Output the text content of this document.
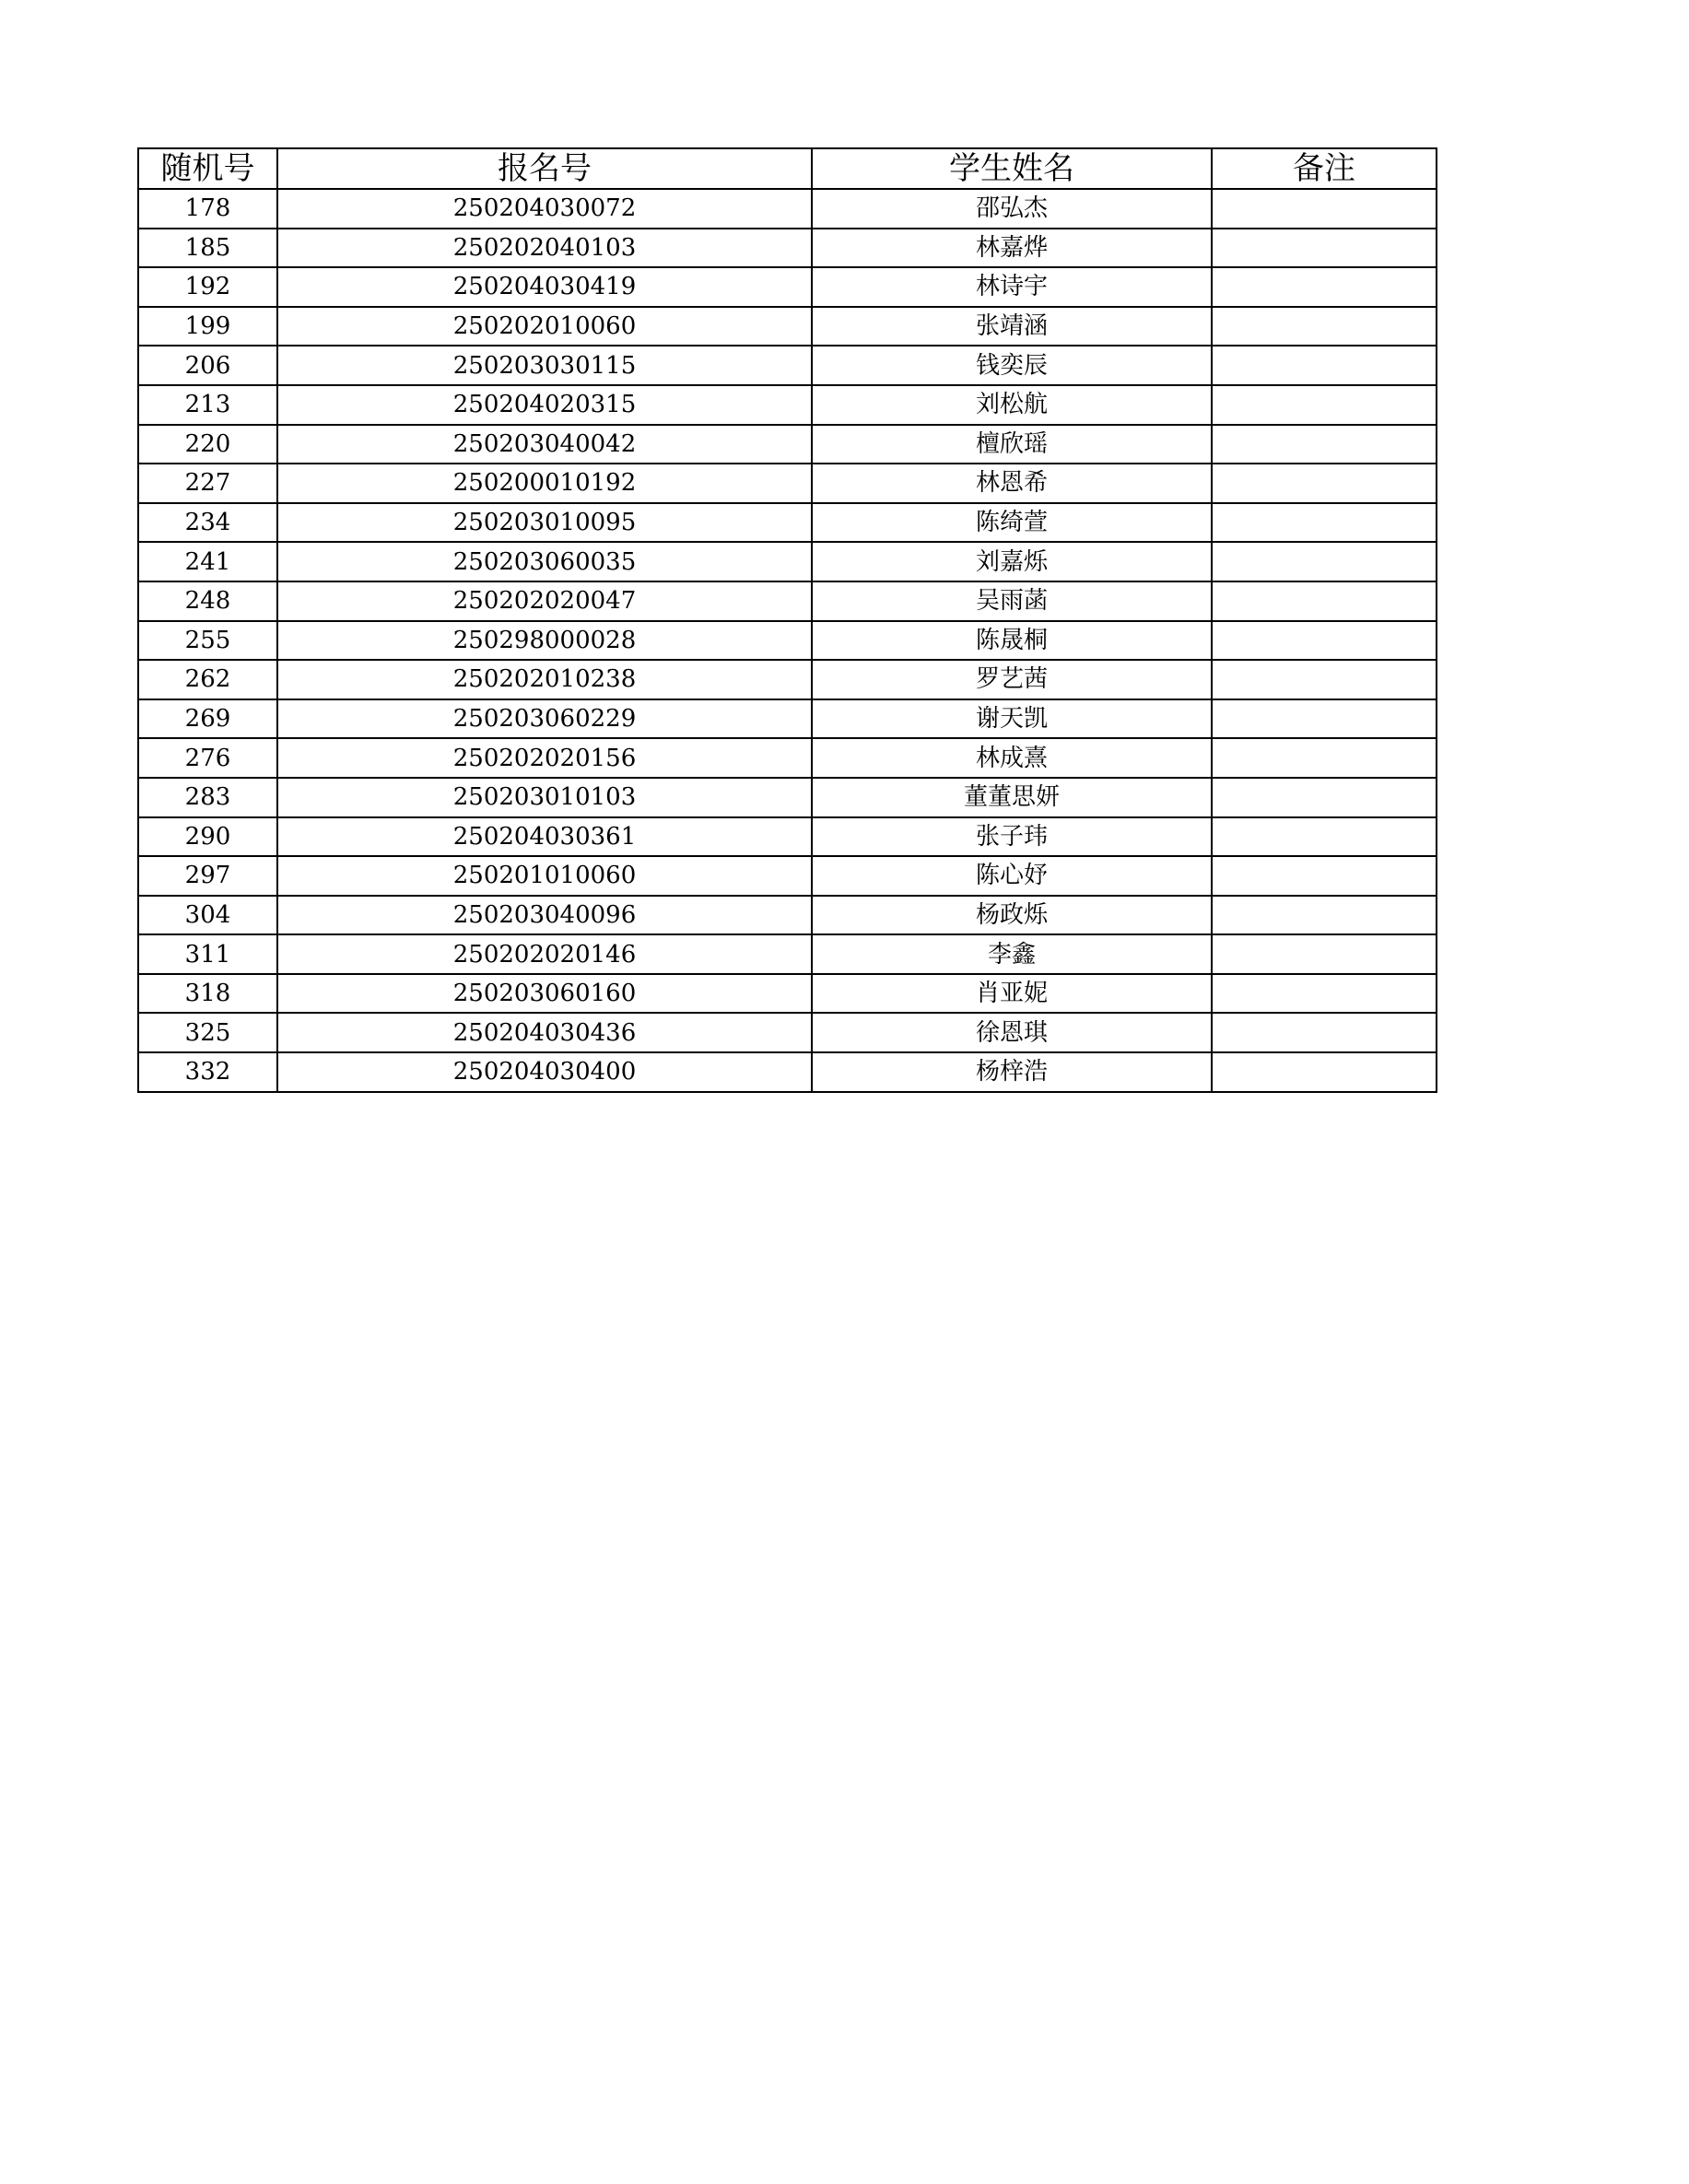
随机号	报名号	学生姓名	备注
178	250204030072	邵弘杰	
185	250202040103	林嘉烨	
192	250204030419	林诗宇	
199	250202010060	张靖涵	
206	250203030115	钱奕辰	
213	250204020315	刘松航	
220	250203040042	檀欣瑶	
227	250200010192	林恩希	
234	250203010095	陈绮萱	
241	250203060035	刘嘉烁	
248	250202020047	吴雨菡	
255	250298000028	陈晟桐	
262	250202010238	罗艺茜	
269	250203060229	谢天凯	
276	250202020156	林成熹	
283	250203010103	董董思妍	
290	250204030361	张子玮	
297	250201010060	陈心妤	
304	250203040096	杨政烁	
311	250202020146	李鑫	
318	250203060160	肖亚妮	
325	250204030436	徐恩琪	
332	250204030400	杨梓浩	
